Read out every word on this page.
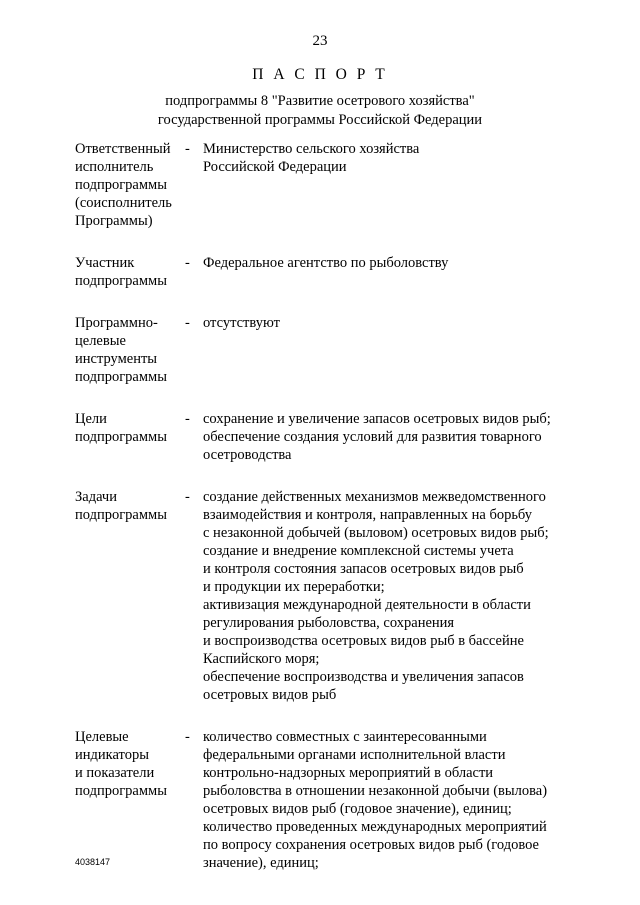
23
П А С П О Р Т
подпрограммы 8 "Развитие осетрового хозяйства"
государственной программы Российской Федерации
Ответственный
исполнитель
подпрограммы
(соисполнитель
Программы)
- Министерство сельского хозяйства
Российской Федерации
Участник
подпрограммы
- Федеральное агентство по рыболовству
Программно-
целевые
инструменты
подпрограммы
- отсутствуют
Цели
подпрограммы
- сохранение и увеличение запасов осетровых видов рыб;
обеспечение создания условий для развития товарного
осетроводства
Задачи
подпрограммы
- создание действенных механизмов межведомственного
взаимодействия и контроля, направленных на борьбу
с незаконной добычей (выловом) осетровых видов рыб;
создание и внедрение комплексной системы учета
и контроля состояния запасов осетровых видов рыб
и продукции их переработки;
активизация международной деятельности в области
регулирования рыболовства, сохранения
и воспроизводства осетровых видов рыб в бассейне
Каспийского моря;
обеспечение воспроизводства и увеличения запасов
осетровых видов рыб
Целевые
индикаторы
и показатели
подпрограммы
- количество совместных с заинтересованными
федеральными органами исполнительной власти
контрольно-надзорных мероприятий в области
рыболовства в отношении незаконной добычи (вылова)
осетровых видов рыб (годовое значение), единиц;
количество проведенных международных мероприятий
по вопросу сохранения осетровых видов рыб (годовое
значение), единиц;
4038147
